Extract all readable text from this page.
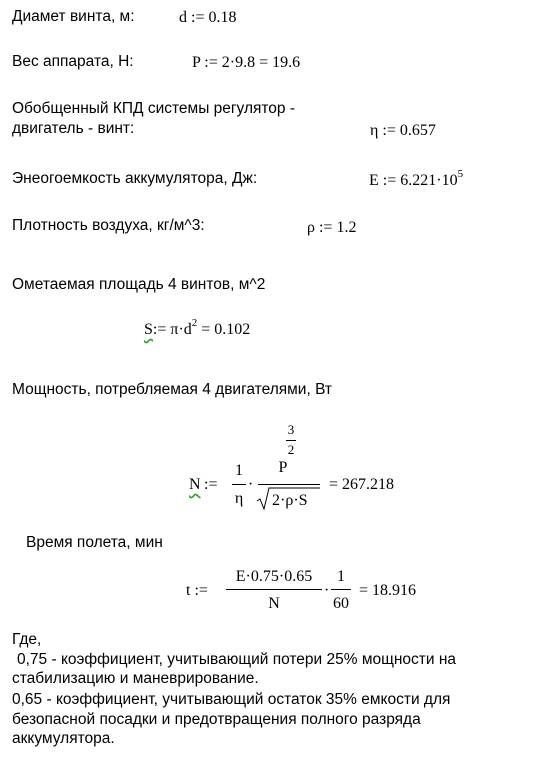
Диамет винта, м:	d := 0.18
Вес аппарата, Н:	P := 2·9.8 = 19.6
Обобщенный КПД системы регулятор -
двигатель - винт:	η := 0.657
Энеогоемкость аккумулятора, Дж:	E := $6.221\cdot 10^5$
Плотность воздуха, кг/м^3:	ρ := 1.2
Ометаемая площадь 4 винтов, м^2
S:= $\pi\cdot d^2 = 0.102$
Мощность, потребляемая 4 двигателями, Вт
N :=
1
η
·
P
3
2
2·ρ·S
= 267.218
Время полета, мин
t :=
E·0.75·0.65
N
·
1
60
= 18.916
Где,
0,75 - коэффициент, учитывающий потери 25% мощности на
стабилизацию и маневрирование.
0,65 - коэффициент, учитывающий остаток 35% емкости для
безопасной посадки и предотвращения полного разряда
аккумулятора.
